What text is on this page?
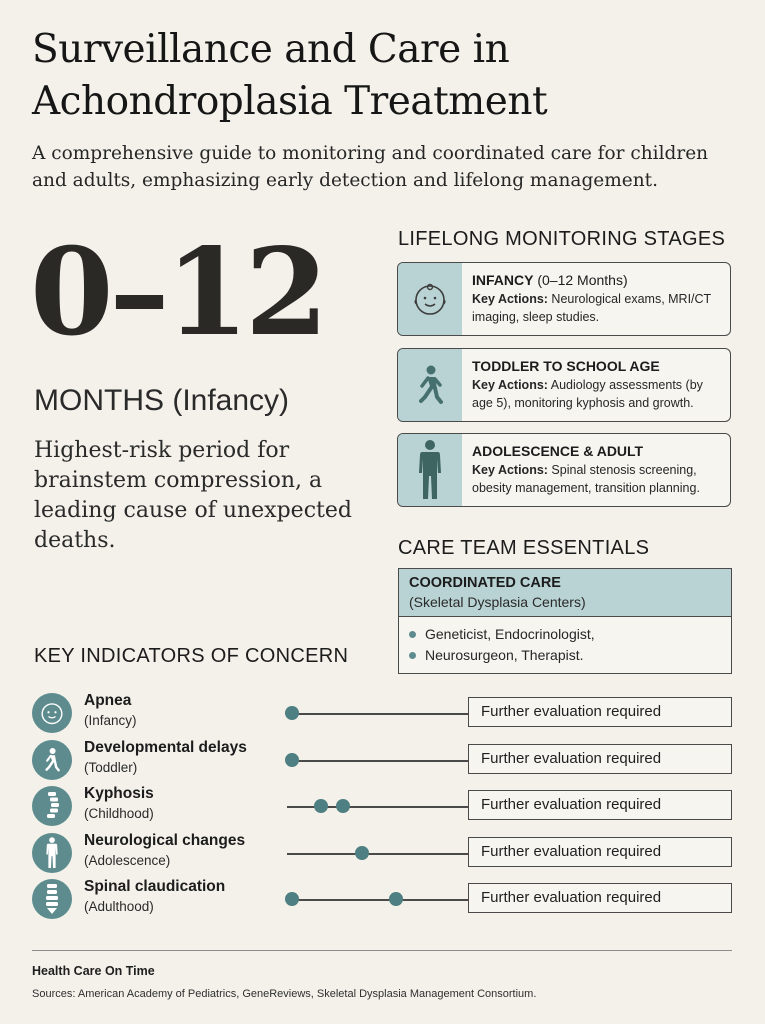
Surveillance and Care in
Achondroplasia Treatment
A comprehensive guide to monitoring and coordinated care for children and adults, emphasizing early detection and lifelong management.
0–12
MONTHS (Infancy)
Highest-risk period for brainstem compression, a leading cause of unexpected deaths.
LIFELONG MONITORING STAGES
INFANCY (0–12 Months)
Key Actions: Neurological exams, MRI/CT imaging, sleep studies.
TODDLER TO SCHOOL AGE
Key Actions: Audiology assessments (by age 5), monitoring kyphosis and growth.
ADOLESCENCE & ADULT
Key Actions: Spinal stenosis screening, obesity management, transition planning.
CARE TEAM ESSENTIALS
COORDINATED CARE
(Skeletal Dysplasia Centers)
Geneticist, Endocrinologist,
Neurosurgeon, Therapist.
KEY INDICATORS OF CONCERN
Apnea
(Infancy)
Further evaluation required
Developmental delays
(Toddler)
Further evaluation required
Kyphosis
(Childhood)
Further evaluation required
Neurological changes
(Adolescence)
Further evaluation required
Spinal claudication
(Adulthood)
Further evaluation required
Health Care On Time
Sources: American Academy of Pediatrics, GeneReviews, Skeletal Dysplasia Management Consortium.
